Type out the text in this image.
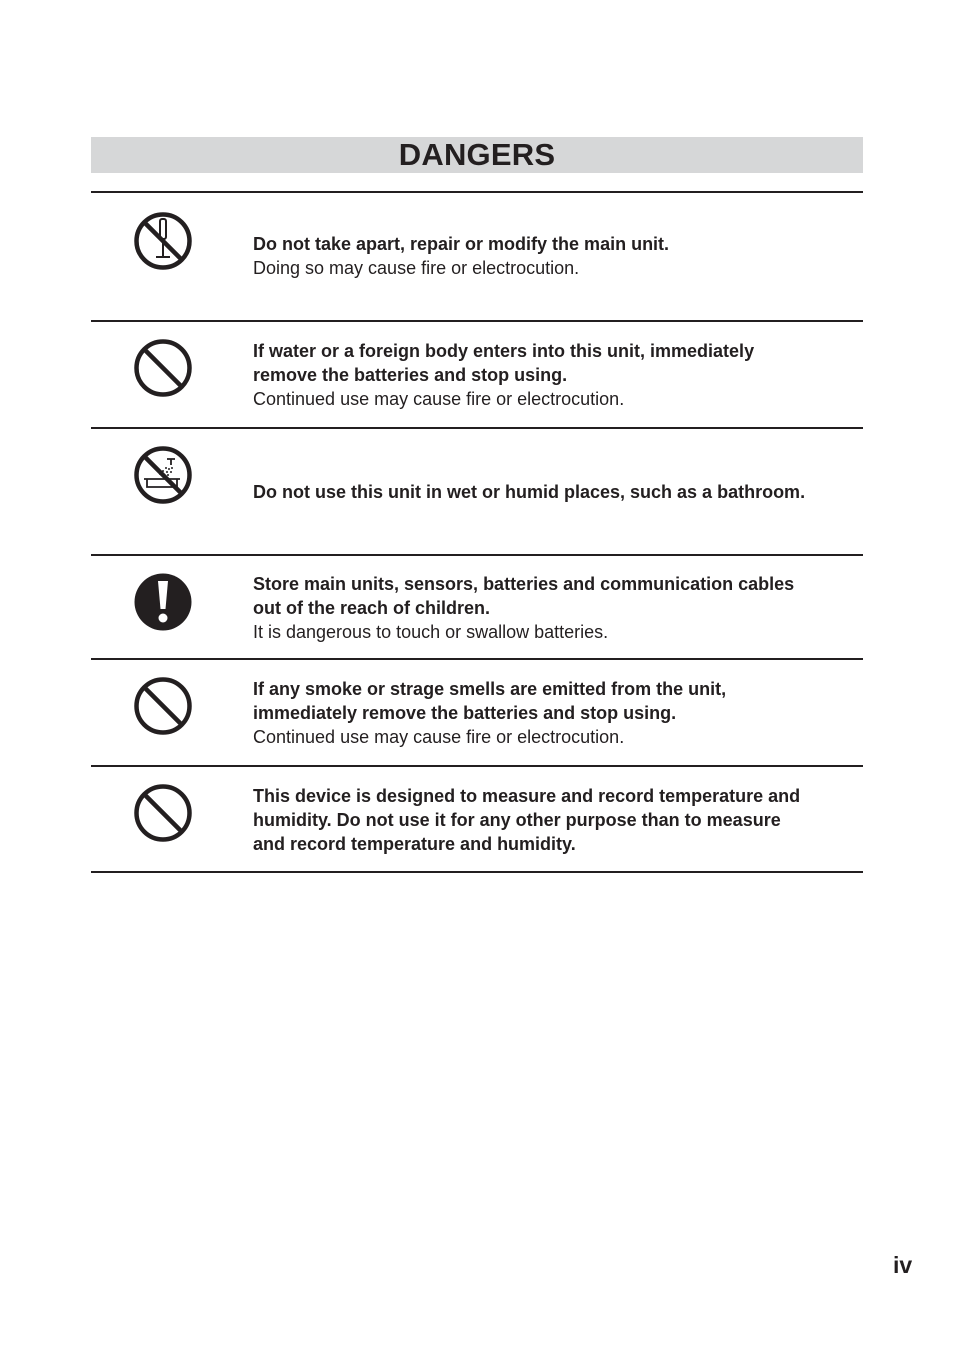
DANGERS
Do not take apart, repair or modify the main unit.
Doing so may cause fire or electrocution.
If water or a foreign body enters into this unit, immediately
remove the batteries and stop using.
Continued use may cause fire or electrocution.
Do not use this unit in wet or humid places, such as a bathroom.
Store main units, sensors, batteries and communication cables
out of the reach of children.
It is dangerous to touch or swallow batteries.
If any smoke or strage smells are emitted from the unit,
immediately remove the batteries and stop using.
Continued use may cause fire or electrocution.
This device is designed to measure and record temperature and
humidity. Do not use it for any other purpose than to measure
and record temperature and humidity.
iv
